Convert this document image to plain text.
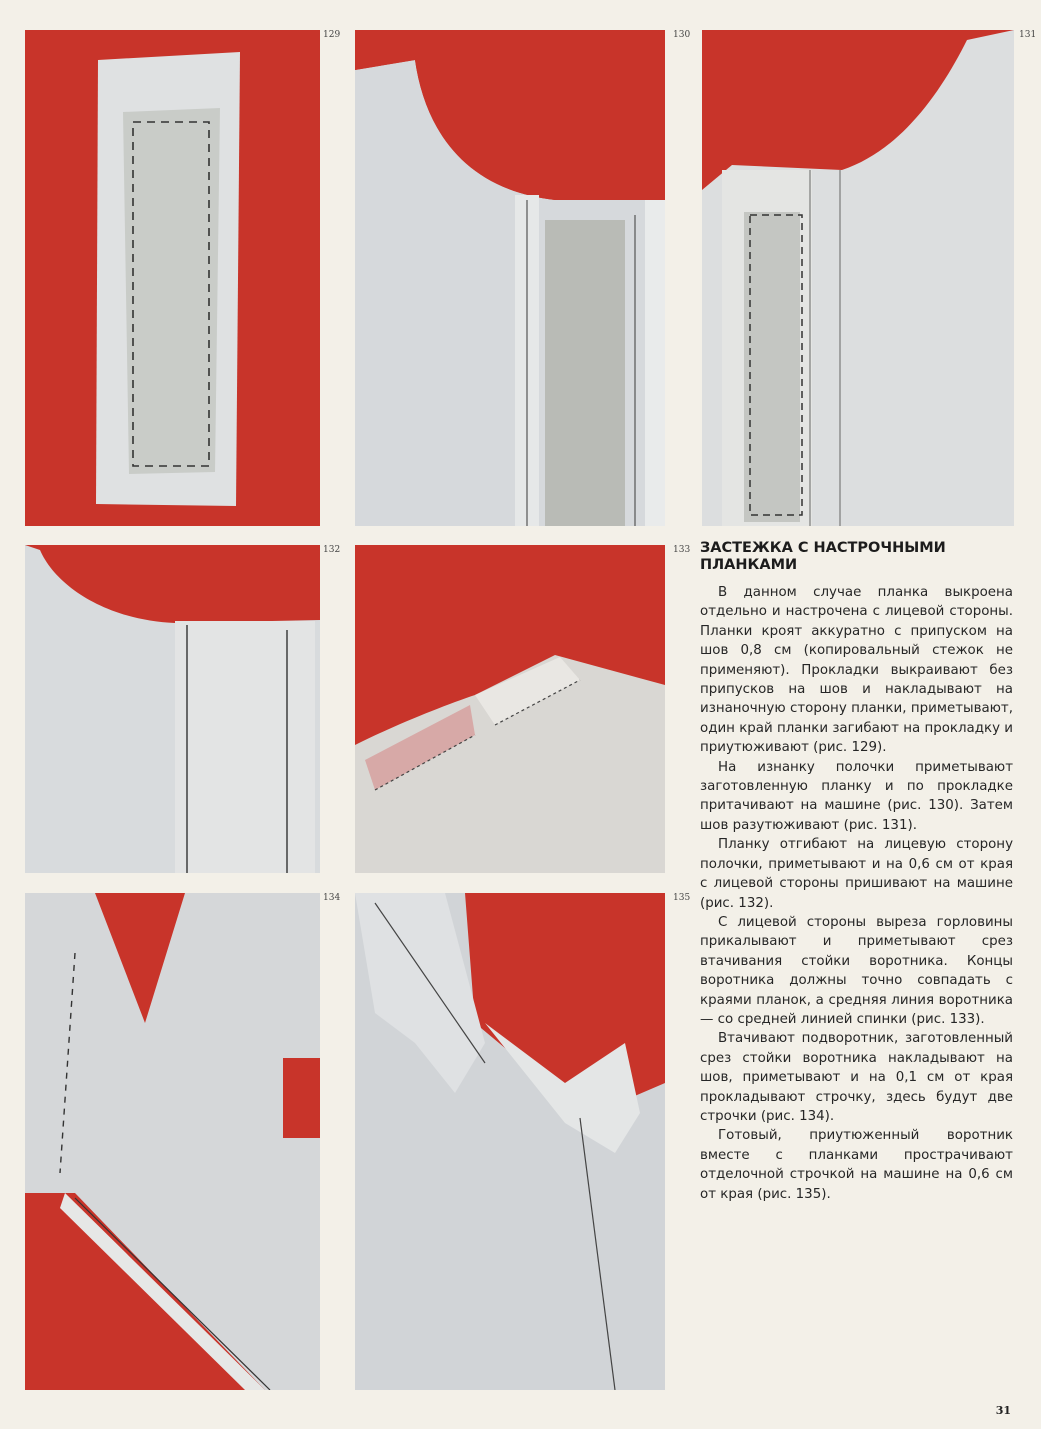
129	130	131
132	133
134	135
ЗАСТЕЖКА С НАСТРОЧНЫМИ ПЛАНКАМИ

В данном случае планка выкроена отдельно и настрочена с лицевой стороны. Планки кроят аккуратно с припуском на шов 0,8 см (копировальный стежок не применяют). Прокладки выкраивают без припусков на шов и накладывают на изнаночную сторону планки, приметывают, один край планки загибают на прокладку и приутюживают (рис. 129).

На изнанку полочки приметывают заготовленную планку и по прокладке притачивают на машине (рис. 130). Затем шов разутюживают (рис. 131).

Планку отгибают на лицевую сторону полочки, приметывают и на 0,6 см от края с лицевой стороны пришивают на машине (рис. 132).

С лицевой стороны выреза горловины прикалывают и приметывают срез втачивания стойки воротника. Концы воротника должны точно совпадать с краями планок, а средняя линия воротника — со средней линией спинки (рис. 133).

Втачивают подворотник, заготовленный срез стойки воротника накладывают на шов, приметывают и на 0,1 см от края прокладывают строчку, здесь будут две строчки (рис. 134).

Готовый, приутюженный воротник вместе с планками прострачивают отделочной строчкой на машине на 0,6 см от края (рис. 135).

31
